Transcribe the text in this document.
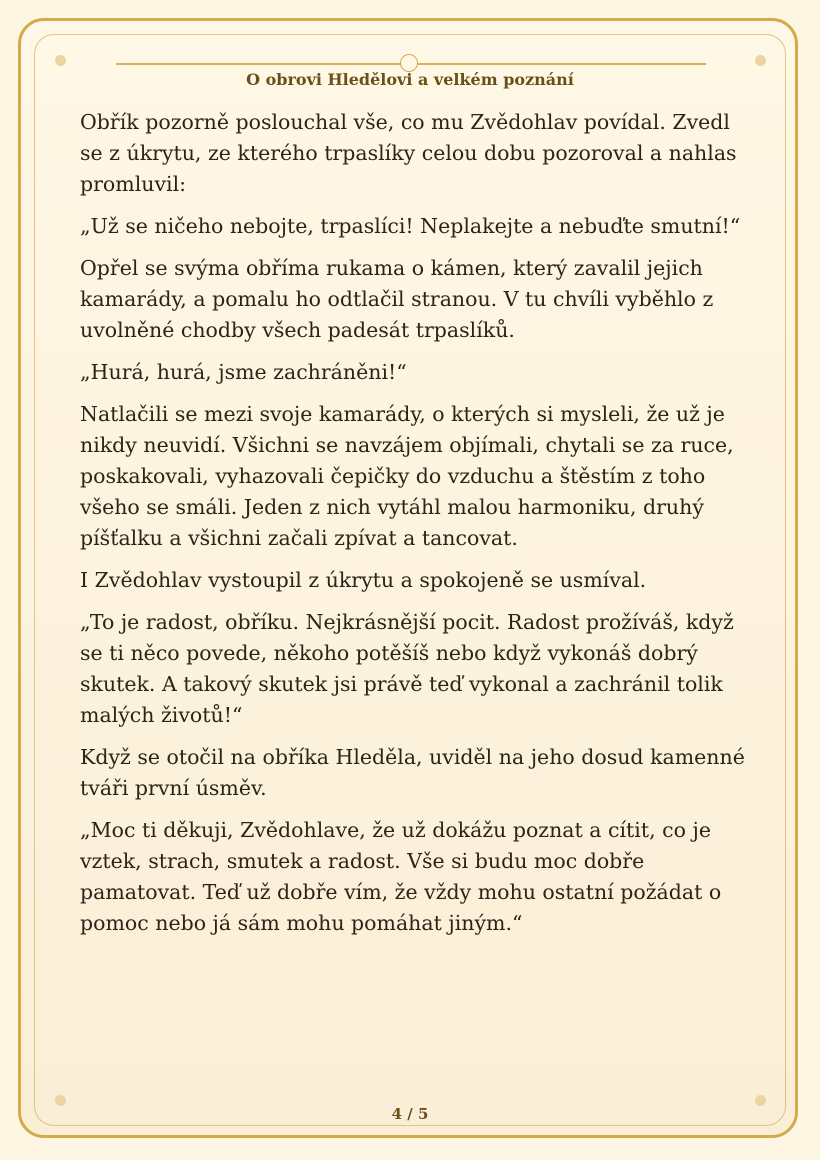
O obrovi Hledělovi a velkém poznání

Obřík pozorně poslouchal vše, co mu Zvědohlav povídal. Zvedl se z úkrytu, ze kterého trpaslíky celou dobu pozoroval a nahlas promluvil:

„Už se ničeho nebojte, trpaslíci! Neplakejte a nebuďte smutní!“

Opřel se svýma obříma rukama o kámen, který zavalil jejich kamarády, a pomalu ho odtlačil stranou. V tu chvíli vyběhlo z uvolněné chodby všech padesát trpaslíků.

„Hurá, hurá, jsme zachráněni!“

Natlačili se mezi svoje kamarády, o kterých si mysleli, že už je nikdy neuvidí. Všichni se navzájem objímali, chytali se za ruce, poskakovali, vyhazovali čepičky do vzduchu a štěstím z toho všeho se smáli. Jeden z nich vytáhl malou harmoniku, druhý píšťalku a všichni začali zpívat a tancovat.

I Zvědohlav vystoupil z úkrytu a spokojeně se usmíval.

„To je radost, obříku. Nejkrásnější pocit. Radost prožíváš, když se ti něco povede, někoho potěšíš nebo když vykonáš dobrý skutek. A takový skutek jsi právě teď vykonal a zachránil tolik malých životů!“

Když se otočil na obříka Hleděla, uviděl na jeho dosud kamenné tváři první úsměv.

„Moc ti děkuji, Zvědohlave, že už dokážu poznat a cítit, co je vztek, strach, smutek a radost. Vše si budu moc dobře pamatovat. Teď už dobře vím, že vždy mohu ostatní požádat o pomoc nebo já sám mohu pomáhat jiným.“

4 / 5
